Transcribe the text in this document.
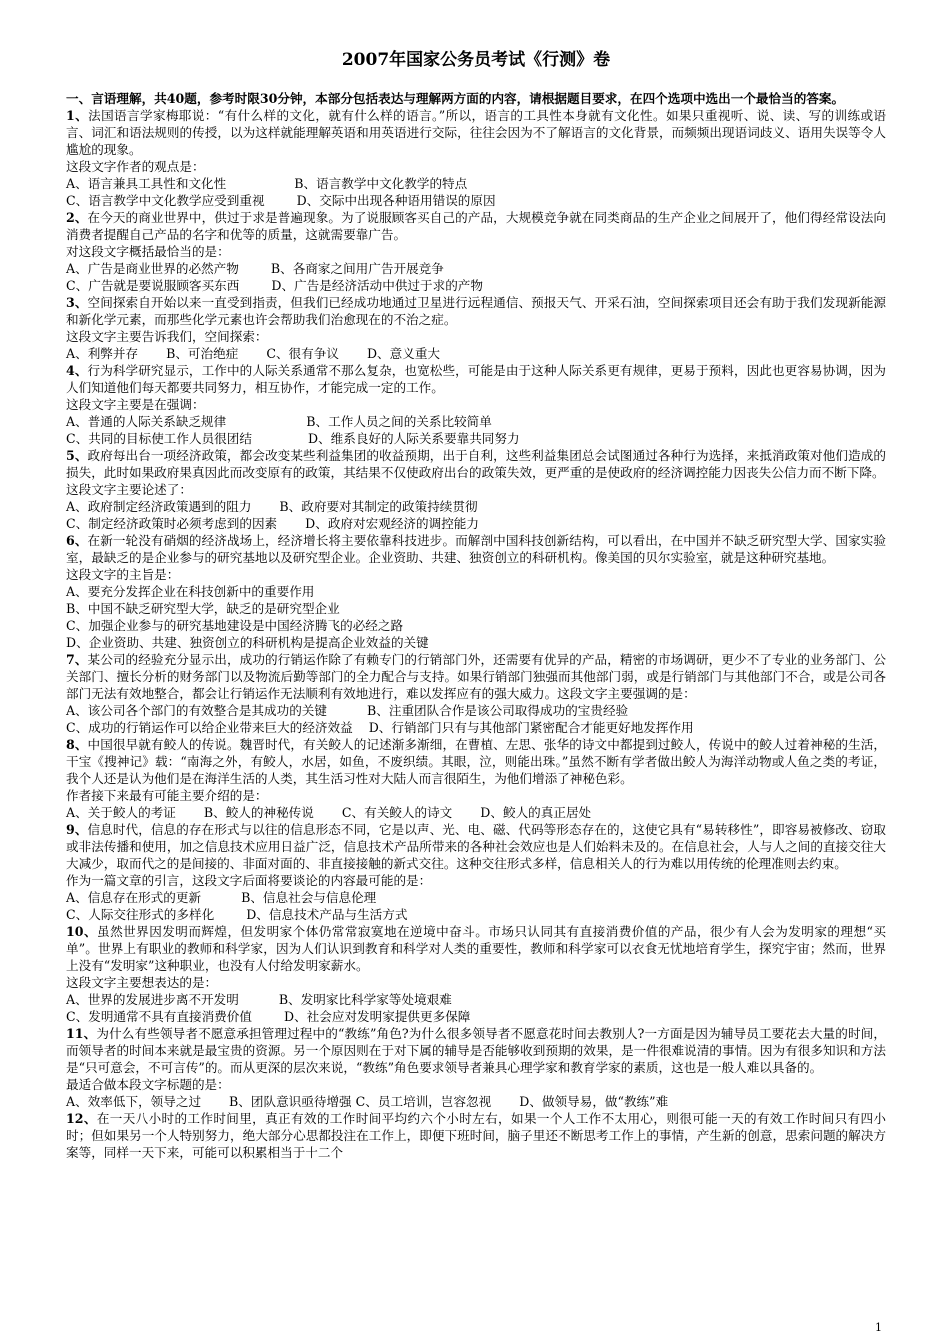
2007年国家公务员考试《行测》卷
一、言语理解，共40题，参考时限30分钟，本部分包括表达与理解两方面的内容，请根据题目要求，在四个选项中选出一个最恰当的答案。
1、法国语言学家梅耶说：“有什么样的文化，就有什么样的语言。”所以，语言的工具性本身就有文化性。如果只重视听、说、读、写的训练或语言、词汇和语法规则的传授，以为这样就能理解英语和用英语进行交际，往往会因为不了解语言的文化背景，而频频出现语词歧义、语用失误等令人尴尬的现象。
这段文字作者的观点是：
A、语言兼具工具性和文化性                 B、语言教学中文化教学的特点
C、语言教学中文化教学应受到重视        D、交际中出现各种语用错误的原因
2、在今天的商业世界中，供过于求是普遍现象。为了说服顾客买自己的产品，大规模竞争就在同类商品的生产企业之间展开了，他们得经常设法向消费者提醒自己产品的名字和优等的质量，这就需要靠广告。
对这段文字概括最恰当的是：
A、广告是商业世界的必然产物        B、各商家之间用广告开展竞争
C、广告就是要说服顾客买东西        D、广告是经济活动中供过于求的产物
3、空间探索自开始以来一直受到指责，但我们已经成功地通过卫星进行远程通信、预报天气、开采石油，空间探索项目还会有助于我们发现新能源和新化学元素，而那些化学元素也许会帮助我们治愈现在的不治之症。
这段文字主要告诉我们，空间探索：
A、利弊并存       B、可治绝症       C、很有争议       D、意义重大
4、行为科学研究显示，工作中的人际关系通常不那么复杂，也宽松些，可能是由于这种人际关系更有规律，更易于预料，因此也更容易协调，因为人们知道他们每天都要共同努力，相互协作，才能完成一定的工作。
这段文字主要是在强调：
A、普通的人际关系缺乏规律                    B、工作人员之间的关系比较简单
C、共同的目标使工作人员很团结              D、维系良好的人际关系要靠共同努力
5、政府每出台一项经济政策，都会改变某些利益集团的收益预期，出于自利，这些利益集团总会试图通过各种行为选择，来抵消政策对他们造成的损失，此时如果政府果真因此而改变原有的政策，其结果不仅使政府出台的政策失效，更严重的是使政府的经济调控能力因丧失公信力而不断下降。
这段文字主要论述了：
A、政府制定经济政策遇到的阻力       B、政府要对其制定的政策持续贯彻
C、制定经济政策时必须考虑到的因素       D、政府对宏观经济的调控能力
6、在新一轮没有硝烟的经济战场上，经济增长将主要依靠科技进步。而解剖中国科技创新结构，可以看出，在中国并不缺乏研究型大学、国家实验室，最缺乏的是企业参与的研究基地以及研究型企业。企业资助、共建、独资创立的科研机构。像美国的贝尔实验室，就是这种研究基地。
这段文字的主旨是：
A、要充分发挥企业在科技创新中的重要作用
B、中国不缺乏研究型大学，缺乏的是研究型企业
C、加强企业参与的研究基地建设是中国经济腾飞的必经之路
D、企业资助、共建、独资创立的科研机构是提高企业效益的关键
7、某公司的经验充分显示出，成功的行销运作除了有赖专门的行销部门外，还需要有优异的产品，精密的市场调研，更少不了专业的业务部门、公关部门、擅长分析的财务部门以及物流后勤等部门的全力配合与支持。如果行销部门独强而其他部门弱，或是行销部门与其他部门不合，或是公司各部门无法有效地整合，都会让行销运作无法顺利有效地进行，难以发挥应有的强大威力。这段文字主要强调的是：
A、该公司各个部门的有效整合是其成功的关键          B、注重团队合作是该公司取得成功的宝贵经验
C、成功的行销运作可以给企业带来巨大的经济效益    D、行销部门只有与其他部门紧密配合才能更好地发挥作用
8、中国很早就有鲛人的传说。魏晋时代，有关鲛人的记述渐多渐细，在曹植、左思、张华的诗文中都提到过鲛人，传说中的鲛人过着神秘的生活，干宝《搜神记》载：“南海之外，有鲛人，水居，如鱼，不废织绩。其眼，泣，则能出珠。”虽然不断有学者做出鲛人为海洋动物或人鱼之类的考证，我个人还是认为他们是在海洋生活的人类，其生活习性对大陆人而言很陌生，为他们增添了神秘色彩。
作者接下来最有可能主要介绍的是：
A、关于鲛人的考证       B、鲛人的神秘传说       C、有关鲛人的诗文       D、鲛人的真正居处
9、信息时代，信息的存在形式与以往的信息形态不同，它是以声、光、电、磁、代码等形态存在的，这使它具有“易转移性”，即容易被修改、窃取或非法传播和使用，加之信息技术应用日益广泛，信息技术产品所带来的各种社会效应也是人们始料未及的。在信息社会，人与人之间的直接交往大大减少，取而代之的是间接的、非面对面的、非直接接触的新式交往。这种交往形式多样，信息相关人的行为难以用传统的伦理准则去约束。
作为一篇文章的引言，这段文字后面将要谈论的内容最可能的是：
A、信息存在形式的更新          B、信息社会与信息伦理
C、人际交往形式的多样化        D、信息技术产品与生活方式
10、虽然世界因发明而辉煌，但发明家个体仍常常寂寞地在逆境中奋斗。市场只认同其有直接消费价值的产品，很少有人会为发明家的理想“买单”。世界上有职业的教师和科学家，因为人们认识到教育和科学对人类的重要性，教师和科学家可以衣食无忧地培育学生，探究宇宙；然而，世界上没有“发明家”这种职业，也没有人付给发明家薪水。
这段文字主要想表达的是：
A、世界的发展进步离不开发明          B、发明家比科学家等处境艰难
C、发明通常不具有直接消费价值        D、社会应对发明家提供更多保障
11、为什么有些领导者不愿意承担管理过程中的“教练”角色?为什么很多领导者不愿意花时间去教别人?一方面是因为辅导员工要花去大量的时间，而领导者的时间本来就是最宝贵的资源。另一个原因则在于对下属的辅导是否能够收到预期的效果，是一件很难说清的事情。因为有很多知识和方法是“只可意会，不可言传”的。而从更深的层次来说，“教练”角色要求领导者兼具心理学家和教育学家的素质，这也是一般人难以具备的。
最适合做本段文字标题的是：
A、效率低下，领导之过       B、团队意识亟待增强 C、员工培训，岂容忽视       D、做领导易，做“教练”难
12、在一天八小时的工作时间里，真正有效的工作时间平均约六个小时左右，如果一个人工作不太用心，则很可能一天的有效工作时间只有四小时；但如果另一个人特别努力，绝大部分心思都投注在工作上，即便下班时间，脑子里还不断思考工作上的事情，产生新的创意，思索问题的解决方案等，同样一天下来，可能可以积累相当于十二个
1
